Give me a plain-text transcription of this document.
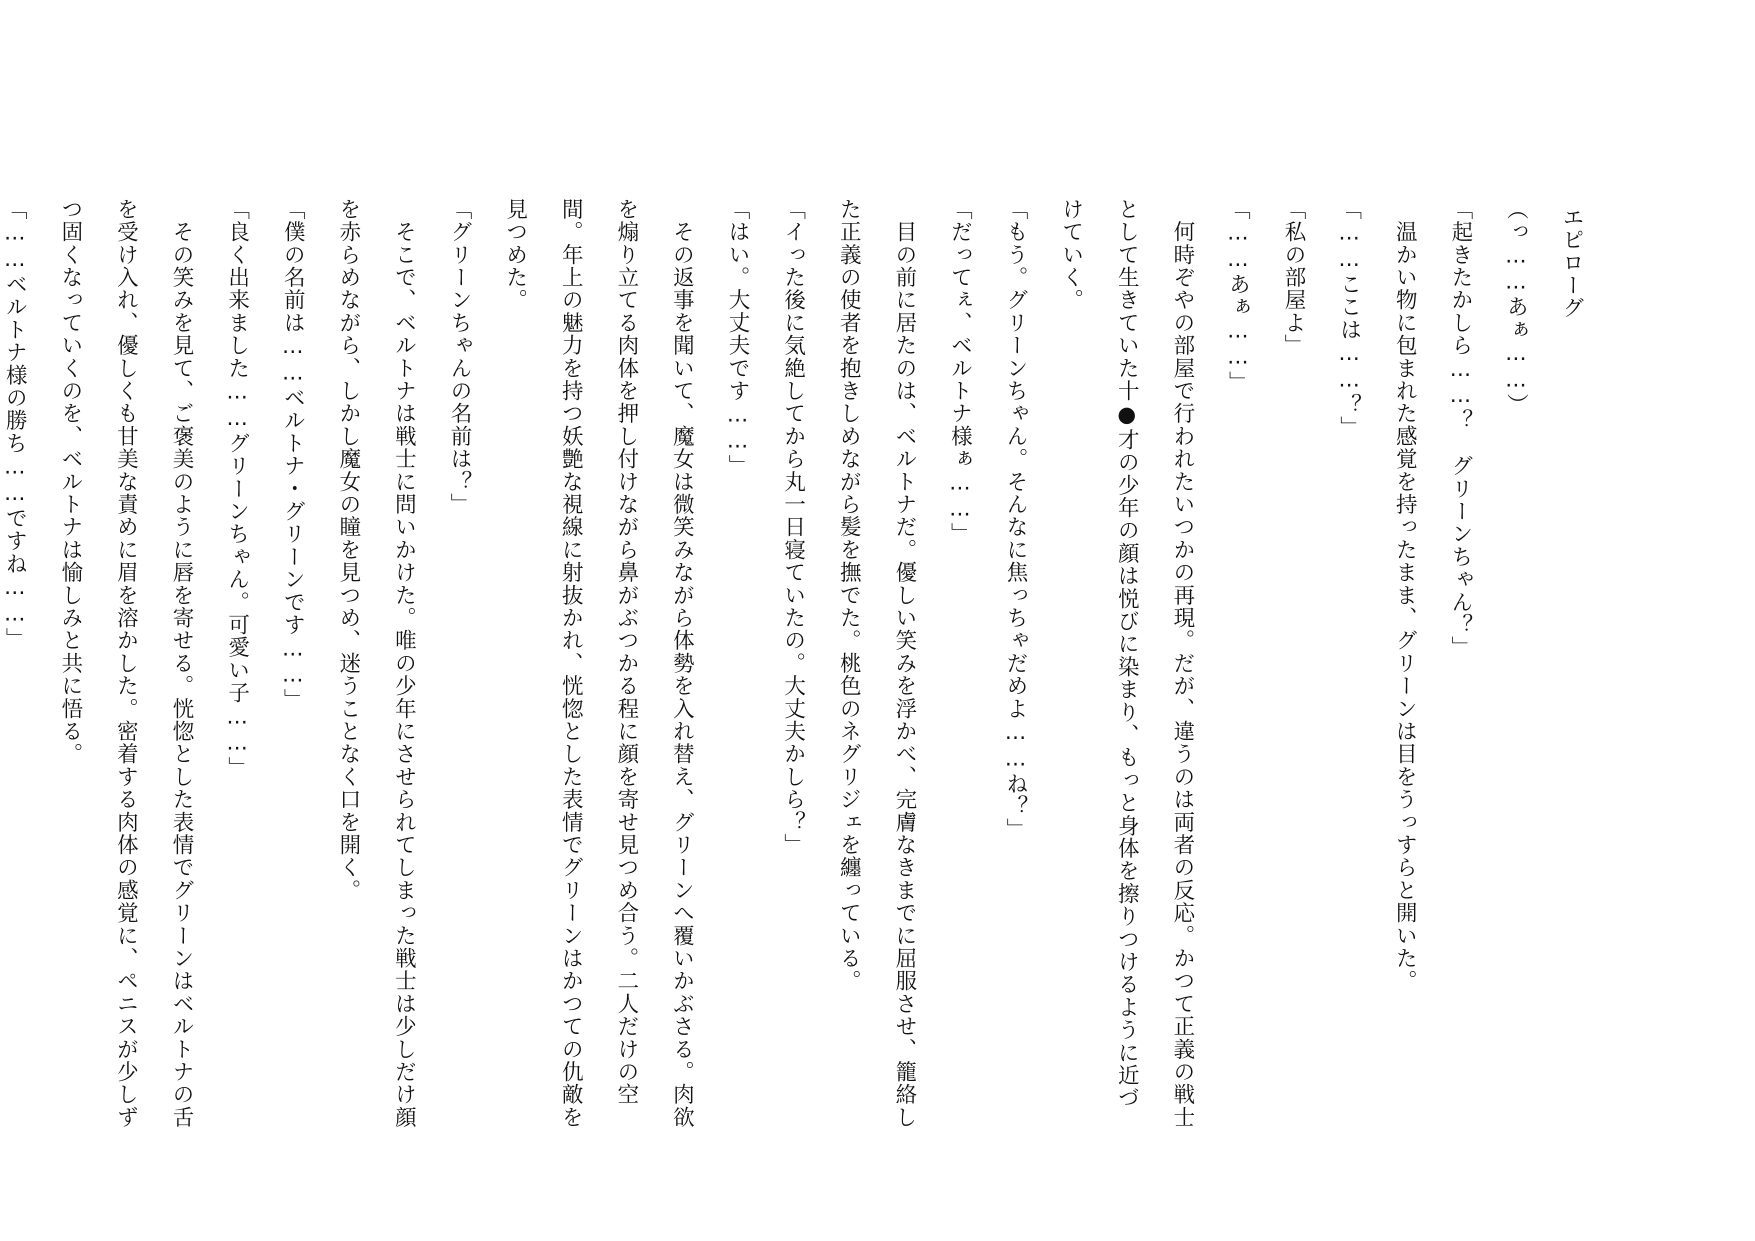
エピローグ
（っ……あぁ……）
「起きたかしら……？　グリーンちゃん？」
　温かい物に包まれた感覚を持ったまま、グリーンは目をうっすらと開いた。
「……ここは……？」
「私の部屋よ」
「……あぁ……」
　何時ぞやの部屋で行われたいつかの再現。だが、違うのは両者の反応。かつて正義の戦士
として生きていた十●才の少年の顔は悦びに染まり、もっと身体を擦りつけるように近づ
けていく。
「もう。グリーンちゃん。そんなに焦っちゃだめよ……ね？」
「だってぇ、ベルトナ様ぁ……」
　目の前に居たのは、ベルトナだ。優しい笑みを浮かべ、完膚なきまでに屈服させ、籠絡し
た正義の使者を抱きしめながら髪を撫でた。桃色のネグリジェを纏っている。
「イった後に気絶してから丸一日寝ていたの。大丈夫かしら？」
「はい。大丈夫です……」
　その返事を聞いて、魔女は微笑みながら体勢を入れ替え、グリーンへ覆いかぶさる。肉欲
を煽り立てる肉体を押し付けながら鼻がぶつかる程に顔を寄せ見つめ合う。二人だけの空
間。年上の魅力を持つ妖艶な視線に射抜かれ、恍惚とした表情でグリーンはかつての仇敵を
見つめた。
「グリーンちゃんの名前は？」
　そこで、ベルトナは戦士に問いかけた。唯の少年にさせられてしまった戦士は少しだけ顔
を赤らめながら、しかし魔女の瞳を見つめ、迷うことなく口を開く。
「僕の名前は……ベルトナ・グリーンです……」
「良く出来ました……グリーンちゃん。可愛い子……」
　その笑みを見て、ご褒美のように唇を寄せる。恍惚とした表情でグリーンはベルトナの舌
を受け入れ、優しくも甘美な責めに眉を溶かした。密着する肉体の感覚に、ペニスが少しず
つ固くなっていくのを、ベルトナは愉しみと共に悟る。
「……ベルトナ様の勝ち……ですね……」
